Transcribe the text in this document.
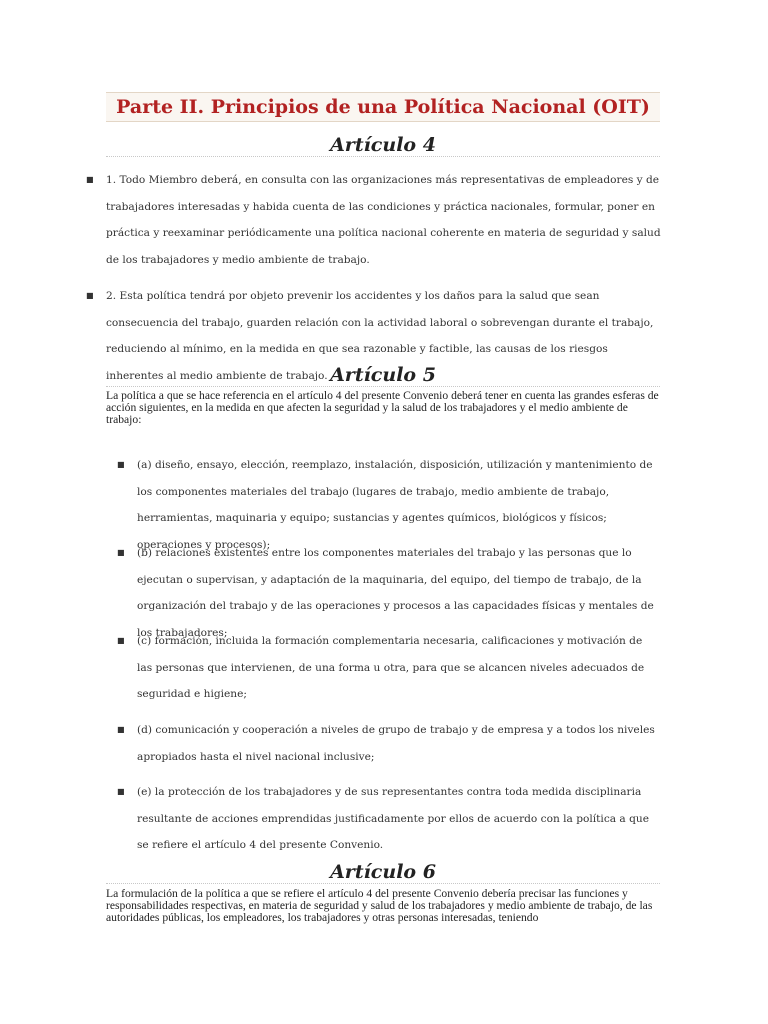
Parte II. Principios de una Política Nacional (OIT)
Artículo 4
■ 1. Todo Miembro deberá, en consulta con las organizaciones más representativas de empleadores y de trabajadores interesadas y habida cuenta de las condiciones y práctica nacionales, formular, poner en práctica y reexaminar periódicamente una política nacional coherente en materia de seguridad y salud de los trabajadores y medio ambiente de trabajo.
■ 2. Esta política tendrá por objeto prevenir los accidentes y los daños para la salud que sean consecuencia del trabajo, guarden relación con la actividad laboral o sobrevengan durante el trabajo, reduciendo al mínimo, en la medida en que sea razonable y factible, las causas de los riesgos inherentes al medio ambiente de trabajo. Artículo 5
La política a que se hace referencia en el artículo 4 del presente Convenio deberá tener en cuenta las grandes esferas de acción siguientes, en la medida en que afecten la seguridad y la salud de los trabajadores y el medio ambiente de trabajo:
■ (a) diseño, ensayo, elección, reemplazo, instalación, disposición, utilización y mantenimiento de los componentes materiales del trabajo (lugares de trabajo, medio ambiente de trabajo, herramientas, maquinaria y equipo; sustancias y agentes químicos, biológicos y físicos; operaciones y procesos);
■ (b) relaciones existentes entre los componentes materiales del trabajo y las personas que lo ejecutan o supervisan, y adaptación de la maquinaria, del equipo, del tiempo de trabajo, de la organización del trabajo y de las operaciones y procesos a las capacidades físicas y mentales de los trabajadores;
■ (c) formación, incluida la formación complementaria necesaria, calificaciones y motivación de las personas que intervienen, de una forma u otra, para que se alcancen niveles adecuados de seguridad e higiene;
■ (d) comunicación y cooperación a niveles de grupo de trabajo y de empresa y a todos los niveles apropiados hasta el nivel nacional inclusive;
■ (e) la protección de los trabajadores y de sus representantes contra toda medida disciplinaria resultante de acciones emprendidas justificadamente por ellos de acuerdo con la política a que se refiere el artículo 4 del presente Convenio.
Artículo 6
La formulación de la política a que se refiere el artículo 4 del presente Convenio debería precisar las funciones y responsabilidades respectivas, en materia de seguridad y salud de los trabajadores y medio ambiente de trabajo, de las autoridades públicas, los empleadores, los trabajadores y otras personas interesadas, teniendo
